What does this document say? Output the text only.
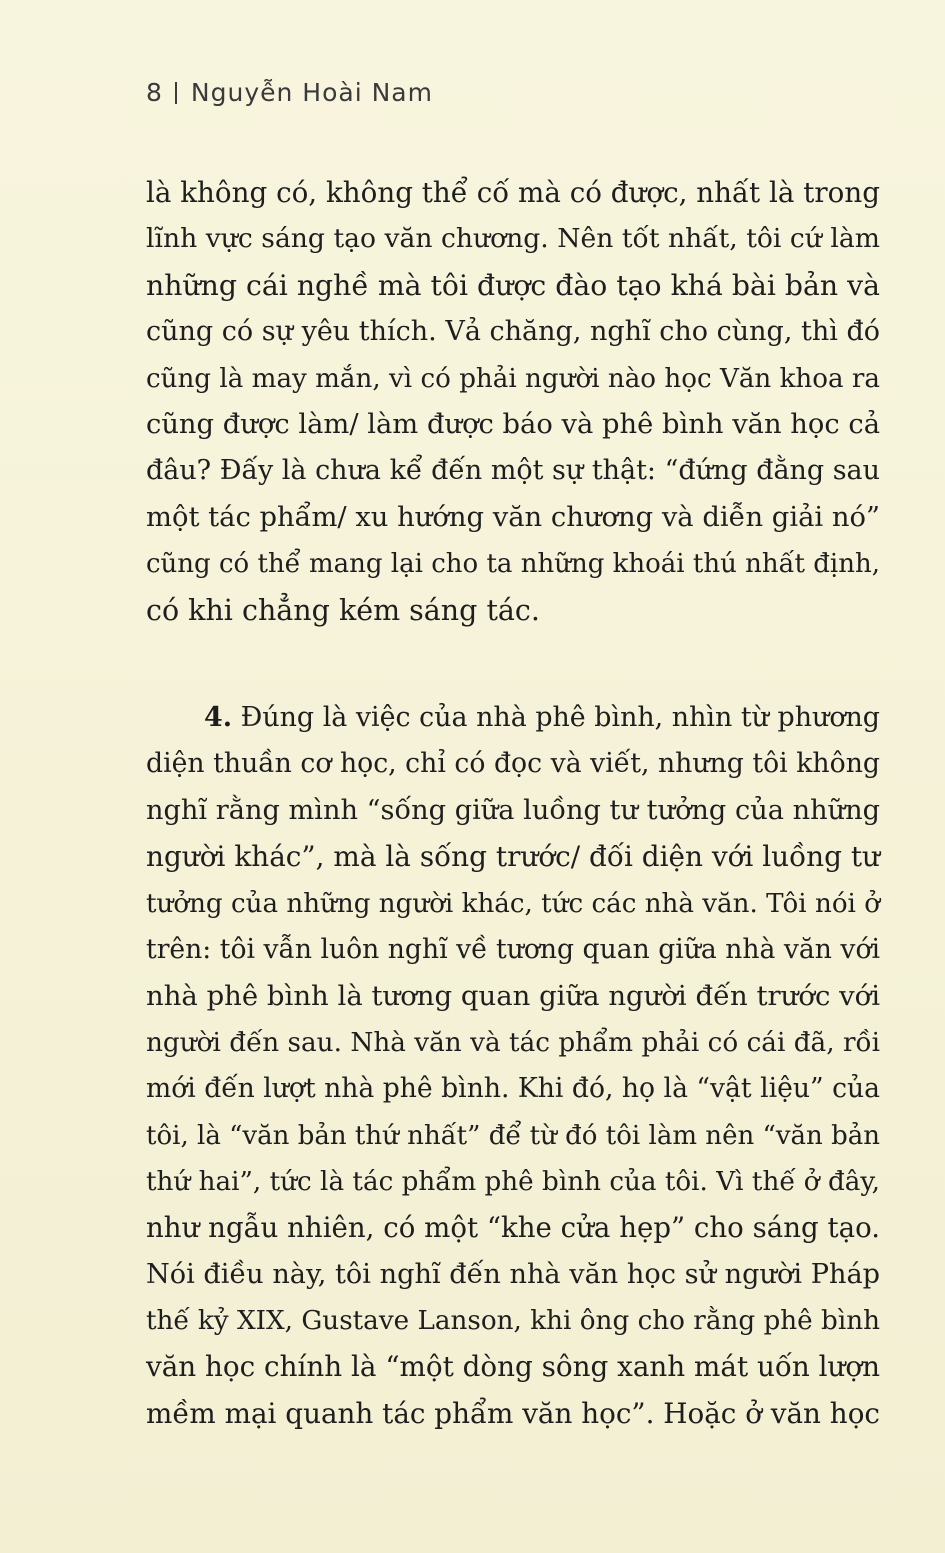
8 Nguyễn Hoài Nam
là không có, không thể cố mà có được, nhất là trong
lĩnh vực sáng tạo văn chương. Nên tốt nhất, tôi cứ làm
những cái nghề mà tôi được đào tạo khá bài bản và
cũng có sự yêu thích. Vả chăng, nghĩ cho cùng, thì đó
cũng là may mắn, vì có phải người nào học Văn khoa ra
cũng được làm/ làm được báo và phê bình văn học cả
đâu? Đấy là chưa kể đến một sự thật: “đứng đằng sau
một tác phẩm/ xu hướng văn chương và diễn giải nó”
cũng có thể mang lại cho ta những khoái thú nhất định,
có khi chẳng kém sáng tác.
4. Đúng là việc của nhà phê bình, nhìn từ phương
diện thuần cơ học, chỉ có đọc và viết, nhưng tôi không
nghĩ rằng mình “sống giữa luồng tư tưởng của những
người khác”, mà là sống trước/ đối diện với luồng tư
tưởng của những người khác, tức các nhà văn. Tôi nói ở
trên: tôi vẫn luôn nghĩ về tương quan giữa nhà văn với
nhà phê bình là tương quan giữa người đến trước với
người đến sau. Nhà văn và tác phẩm phải có cái đã, rồi
mới đến lượt nhà phê bình. Khi đó, họ là “vật liệu” của
tôi, là “văn bản thứ nhất” để từ đó tôi làm nên “văn bản
thứ hai”, tức là tác phẩm phê bình của tôi. Vì thế ở đây,
như ngẫu nhiên, có một “khe cửa hẹp” cho sáng tạo.
Nói điều này, tôi nghĩ đến nhà văn học sử người Pháp
thế kỷ XIX, Gustave Lanson, khi ông cho rằng phê bình
văn học chính là “một dòng sông xanh mát uốn lượn
mềm mại quanh tác phẩm văn học”. Hoặc ở văn học
